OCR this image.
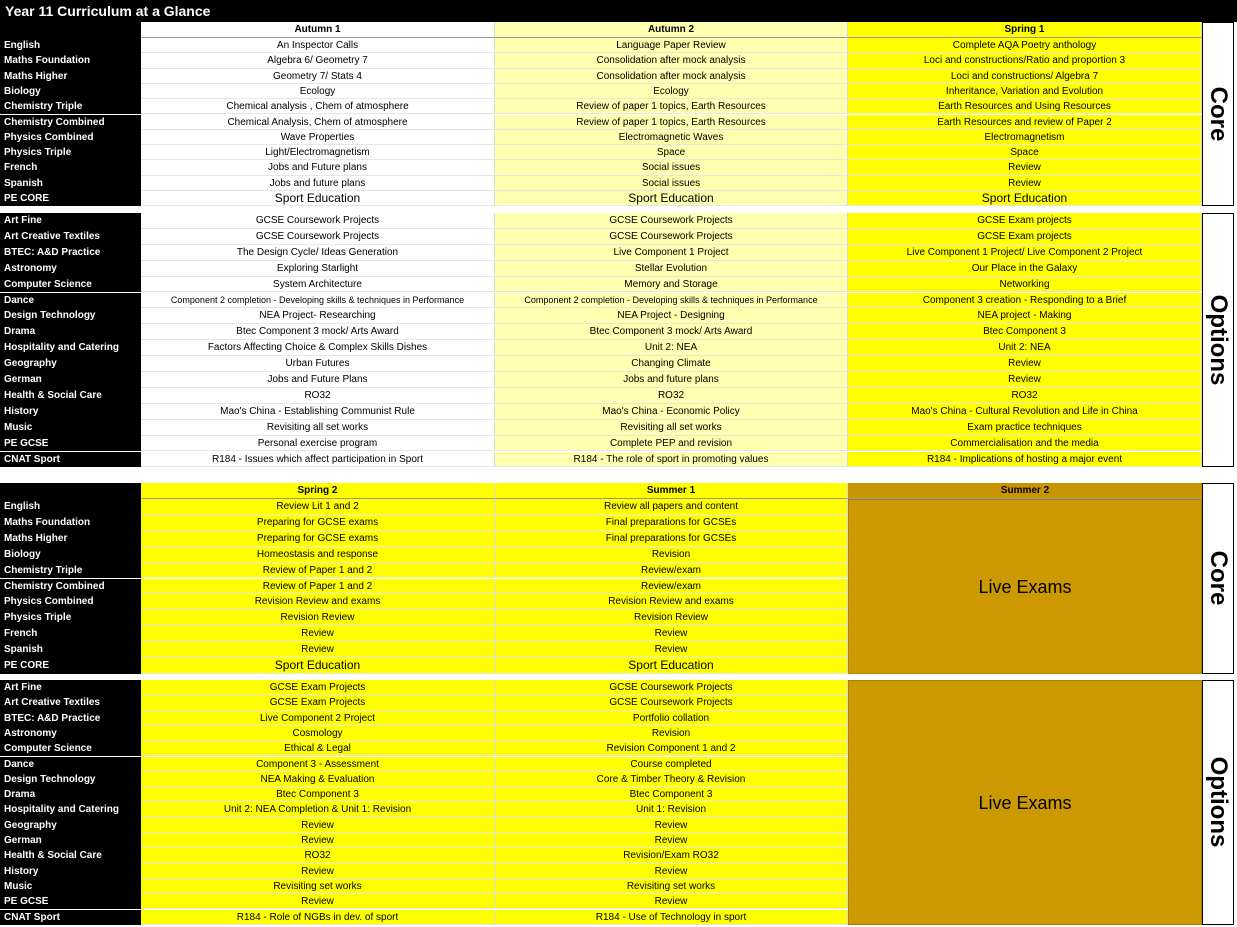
Year 11 Curriculum at a Glance
Autumn 1	Autumn 2	Spring 1
English	An Inspector Calls	Language Paper Review	Complete AQA Poetry anthology
Maths Foundation	Algebra 6/ Geometry 7	Consolidation after mock analysis	Loci and constructions/Ratio and proportion 3
Maths Higher	Geometry 7/ Stats 4	Consolidation after mock analysis	Loci and constructions/ Algebra 7
Biology	Ecology	Ecology	Inheritance, Variation and Evolution
Chemistry Triple	Chemical analysis , Chem of atmosphere	Review of paper 1 topics, Earth Resources	Earth Resources and Using Resources
Chemistry Combined	Chemical Analysis, Chem of atmosphere	Review of paper 1 topics, Earth Resources	Earth Resources and review of Paper 2
Physics Combined	Wave Properties	Electromagnetic Waves	Electromagnetism
Physics Triple	Light/Electromagnetism	Space	Space
French	Jobs and Future plans	Social issues	Review
Spanish	Jobs and future plans	Social issues	Review
PE CORE	Sport Education	Sport Education	Sport Education
Core
Art Fine	GCSE Coursework Projects	GCSE Coursework Projects	GCSE Exam projects
Art Creative Textiles	GCSE Coursework Projects	GCSE Coursework Projects	GCSE Exam projects
BTEC: A&D Practice	The Design Cycle/ Ideas Generation	Live Component 1 Project	Live Component 1 Project/ Live Component 2 Project
Astronomy	Exploring Starlight	Stellar Evolution	Our Place in the Galaxy
Computer Science	System Architecture	Memory and Storage	Networking
Dance	Component 2 completion - Developing skills & techniques in Performance	Component 2 completion - Developing skills & techniques in Performance	Component 3 creation - Responding to a Brief
Design Technology	NEA Project- Researching	NEA Project - Designing	NEA project - Making
Drama	Btec Component 3 mock/ Arts Award	Btec Component 3 mock/ Arts Award	Btec Component 3
Hospitality and Catering	Factors Affecting Choice & Complex Skills Dishes	Unit 2: NEA	Unit 2: NEA
Geography	Urban Futures	Changing Climate	Review
German	Jobs and Future Plans	Jobs and future plans	Review
Health & Social Care	RO32	RO32	RO32
History	Mao's China - Establishing Communist Rule	Mao's China - Economic Policy	Mao's China - Cultural Revolution and Life in China
Music	Revisiting all set works	Revisiting all set works	Exam practice techniques
PE GCSE	Personal exercise program	Complete PEP and revision	Commercialisation and the media
CNAT Sport	R184 - Issues which affect participation in Sport	R184 - The role of sport in promoting values	R184 - Implications of hosting a major event
Options
Spring 2	Summer 1	Summer 2
English	Review Lit 1 and 2	Review all papers and content
Maths Foundation	Preparing for GCSE exams	Final preparations for GCSEs
Maths Higher	Preparing for GCSE exams	Final preparations for GCSEs
Biology	Homeostasis and response	Revision
Chemistry Triple	Review of Paper 1 and 2	Review/exam
Chemistry Combined	Review of Paper 1 and 2	Review/exam
Physics Combined	Revision Review and exams	Revision Review and exams
Physics Triple	Revision Review	Revision Review
French	Review	Review
Spanish	Review	Review
PE CORE	Sport Education	Sport Education
Live Exams	Core
Art Fine	GCSE Exam Projects	GCSE Coursework Projects
Art Creative Textiles	GCSE Exam Projects	GCSE Coursework Projects
BTEC: A&D Practice	Live Component 2 Project	Portfolio collation
Astronomy	Cosmology	Revision
Computer Science	Ethical & Legal	Revision Component 1 and 2
Dance	Component 3 - Assessment	Course completed
Design Technology	NEA Making & Evaluation	Core & Timber Theory & Revision
Drama	Btec Component 3	Btec Component 3
Hospitality and Catering	Unit 2: NEA Completion & Unit 1: Revision	Unit 1: Revision
Geography	Review	Review
German	Review	Review
Health & Social Care	RO32	Revision/Exam RO32
History	Review	Review
Music	Revisiting set works	Revisiting set works
PE GCSE	Review	Review
CNAT Sport	R184 - Role of NGBs in dev. of sport	R184 - Use of Technology in sport
Live Exams	Options
